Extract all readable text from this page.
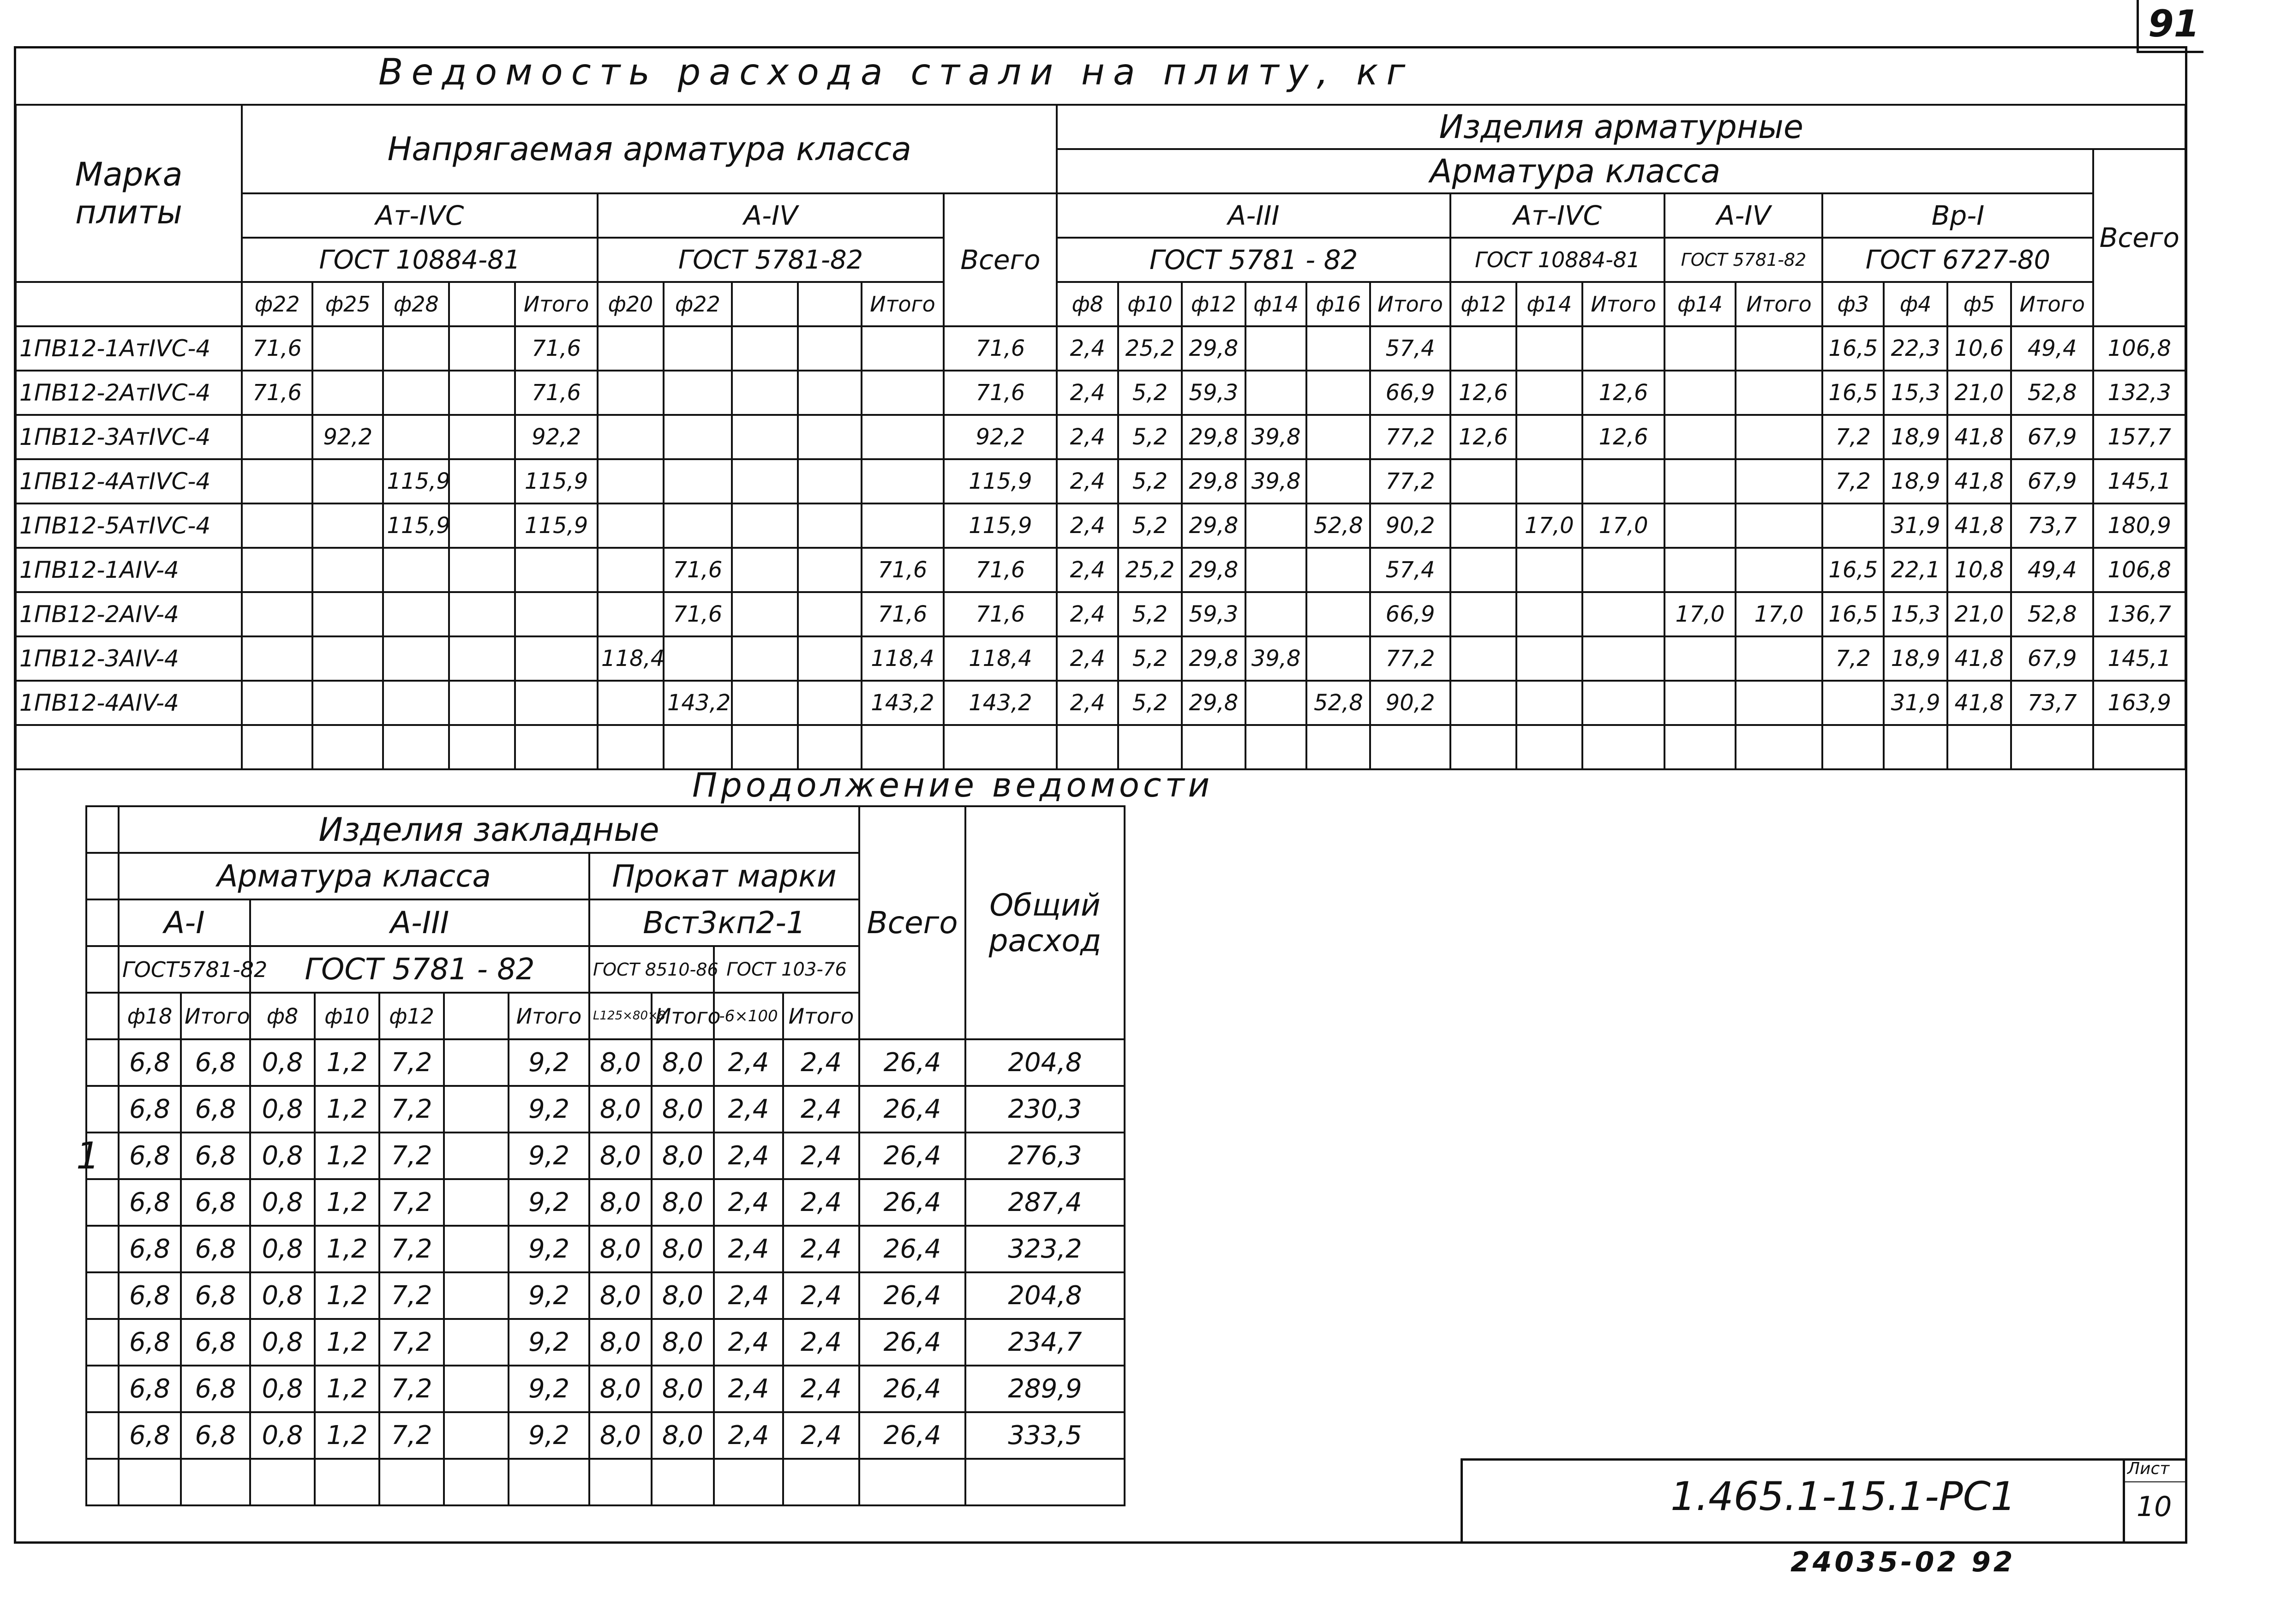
91
Ведомость расхода стали на плиту, кг
Марка плиты	Напрягаемая арматура класса											Изделия арматурные															
												Арматура класса															Всего
	Aт-IVC					A-IV					Всего	A-III						Aт-IVC			A-IV		Bp-I				
	ГОСТ 10884-81					ГОСТ 5781-82						ГОСТ 5781 - 82						ГОСТ 10884-81			ГОСТ 5781-82		ГОСТ 6727-80				
	ф22	ф25	ф28		Итого	ф20	ф22			Итого		ф8	ф10	ф12	ф14	ф16	Итого	ф12	ф14	Итого	ф14	Итого	ф3	ф4	ф5	Итого	
1ПВ12-1АтIVC-4	71,6				71,6						71,6	2,4	25,2	29,8			57,4						16,5	22,3	10,6	49,4	106,8
1ПВ12-2АтIVC-4	71,6				71,6						71,6	2,4	5,2	59,3			66,9	12,6		12,6			16,5	15,3	21,0	52,8	132,3
1ПВ12-3АтIVC-4		92,2			92,2						92,2	2,4	5,2	29,8	39,8		77,2	12,6		12,6			7,2	18,9	41,8	67,9	157,7
1ПВ12-4АтIVC-4			115,9		115,9						115,9	2,4	5,2	29,8	39,8		77,2						7,2	18,9	41,8	67,9	145,1
1ПВ12-5АтIVC-4			115,9		115,9						115,9	2,4	5,2	29,8		52,8	90,2		17,0	17,0				31,9	41,8	73,7	180,9
1ПВ12-1АIV-4							71,6			71,6	71,6	2,4	25,2	29,8			57,4						16,5	22,1	10,8	49,4	106,8
1ПВ12-2АIV-4							71,6			71,6	71,6	2,4	5,2	59,3			66,9				17,0	17,0	16,5	15,3	21,0	52,8	136,7
1ПВ12-3АIV-4						118,4				118,4	118,4	2,4	5,2	29,8	39,8		77,2						7,2	18,9	41,8	67,9	145,1
1ПВ12-4АIV-4							143,2			143,2	143,2	2,4	5,2	29,8		52,8	90,2							31,9	41,8	73,7	163,9

Продолжение ведомости
	Изделия закладные											Всего	Общий расход
	Арматура класса							Прокат марки					
	A-I		A-III					Вст3кп2-1					
	ГОСТ5781-82		ГОСТ 5781 - 82					ГОСТ 8510-86		ГОСТ 103-76			
	ф18	Итого	ф8	ф10	ф12		Итого	L125×80×8	Итого	-6×100	Итого		
	6,8	6,8	0,8	1,2	7,2		9,2	8,0	8,0	2,4	2,4	26,4	204,8
	6,8	6,8	0,8	1,2	7,2		9,2	8,0	8,0	2,4	2,4	26,4	230,3
	6,8	6,8	0,8	1,2	7,2		9,2	8,0	8,0	2,4	2,4	26,4	276,3
	6,8	6,8	0,8	1,2	7,2		9,2	8,0	8,0	2,4	2,4	26,4	287,4
	6,8	6,8	0,8	1,2	7,2		9,2	8,0	8,0	2,4	2,4	26,4	323,2
	6,8	6,8	0,8	1,2	7,2		9,2	8,0	8,0	2,4	2,4	26,4	204,8
	6,8	6,8	0,8	1,2	7,2		9,2	8,0	8,0	2,4	2,4	26,4	234,7
	6,8	6,8	0,8	1,2	7,2		9,2	8,0	8,0	2,4	2,4	26,4	289,9
	6,8	6,8	0,8	1,2	7,2		9,2	8,0	8,0	2,4	2,4	26,4	333,5

1
1.465.1-15.1-PC1
Лист
10
24035-02 92
